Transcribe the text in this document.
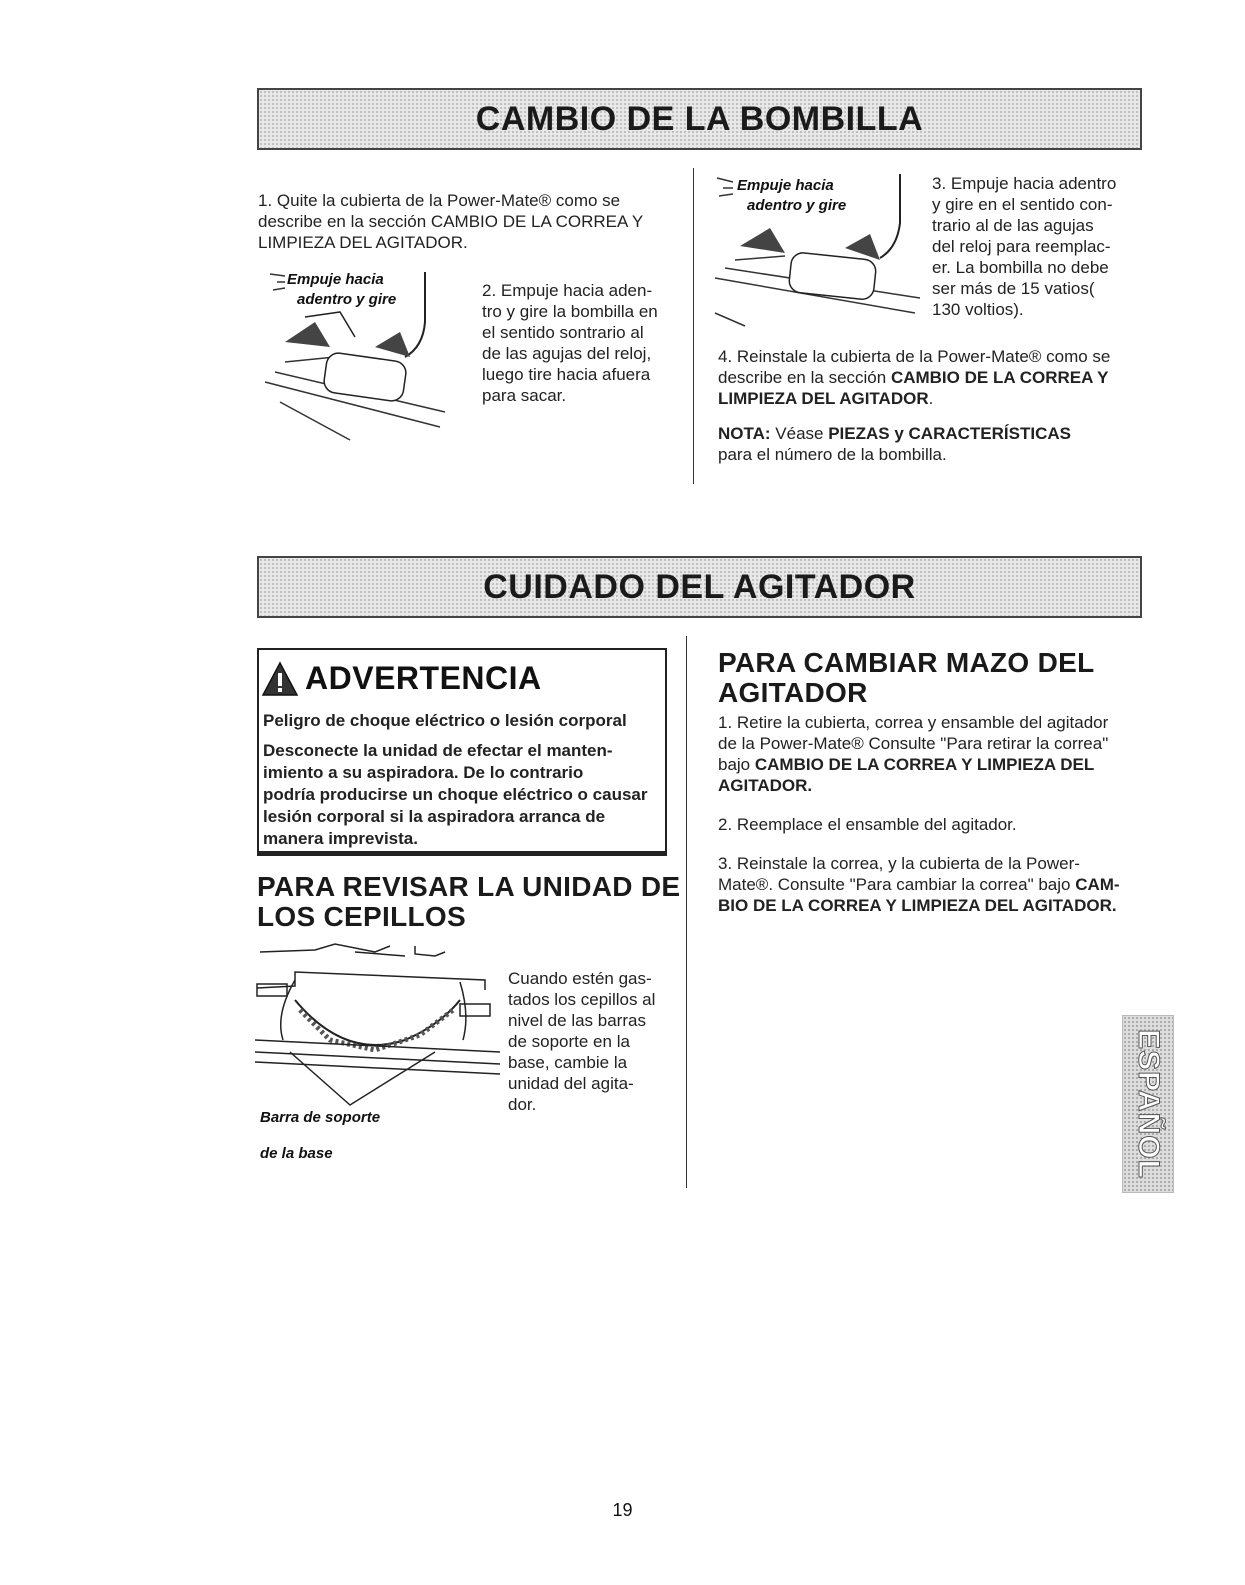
CAMBIO DE LA BOMBILLA
CUIDADO DEL AGITADOR
1. Quite la cubierta de la Power-Mate® como se
describe en la sección CAMBIO DE LA CORREA Y
LIMPIEZA DEL AGITADOR.
Empuje hacia
adentro y gire	2. Empuje hacia aden-
tro y gire la bombilla en
el sentido sontrario al
de las agujas del reloj,
luego tire hacia afuera
para sacar.
Empuje hacia
adentro y gire
3. Empuje hacia adentro
y gire en el sentido con-
trario al de las agujas
del reloj para reemplac-
er. La bombilla no debe
ser más de 15 vatios(
130 voltios).
4. Reinstale la cubierta de la Power-Mate® como se
describe en la sección CAMBIO DE LA CORREA Y
LIMPIEZA DEL AGITADOR.
NOTA: Véase PIEZAS y CARACTERÍSTICAS
para el número de la bombilla.
ADVERTENCIA
Peligro de choque eléctrico o lesión corporal
Desconecte la unidad de efectar el manten-
imiento a su aspiradora. De lo contrario
podría producirse un choque eléctrico o causar
lesión corporal si la aspiradora arranca de
manera imprevista.
PARA REVISAR LA UNIDAD DE
LOS CEPILLOS
Barra de soporte
de la base
Cuando estén gas-
tados los cepillos al
nivel de las barras
de soporte en la
base, cambie la
unidad del agita-
dor.
PARA CAMBIAR MAZO DEL
AGITADOR
1. Retire la cubierta, correa y ensamble del agitador
de la Power-Mate® Consulte "Para retirar la correa"
bajo CAMBIO DE LA CORREA Y LIMPIEZA DEL
AGITADOR.
2. Reemplace el ensamble del agitador.
3. Reinstale la correa, y la cubierta de la Power-
Mate®. Consulte "Para cambiar la correa" bajo CAM-
BIO DE LA CORREA Y LIMPIEZA DEL AGITADOR.
ESPAÑOL
19
